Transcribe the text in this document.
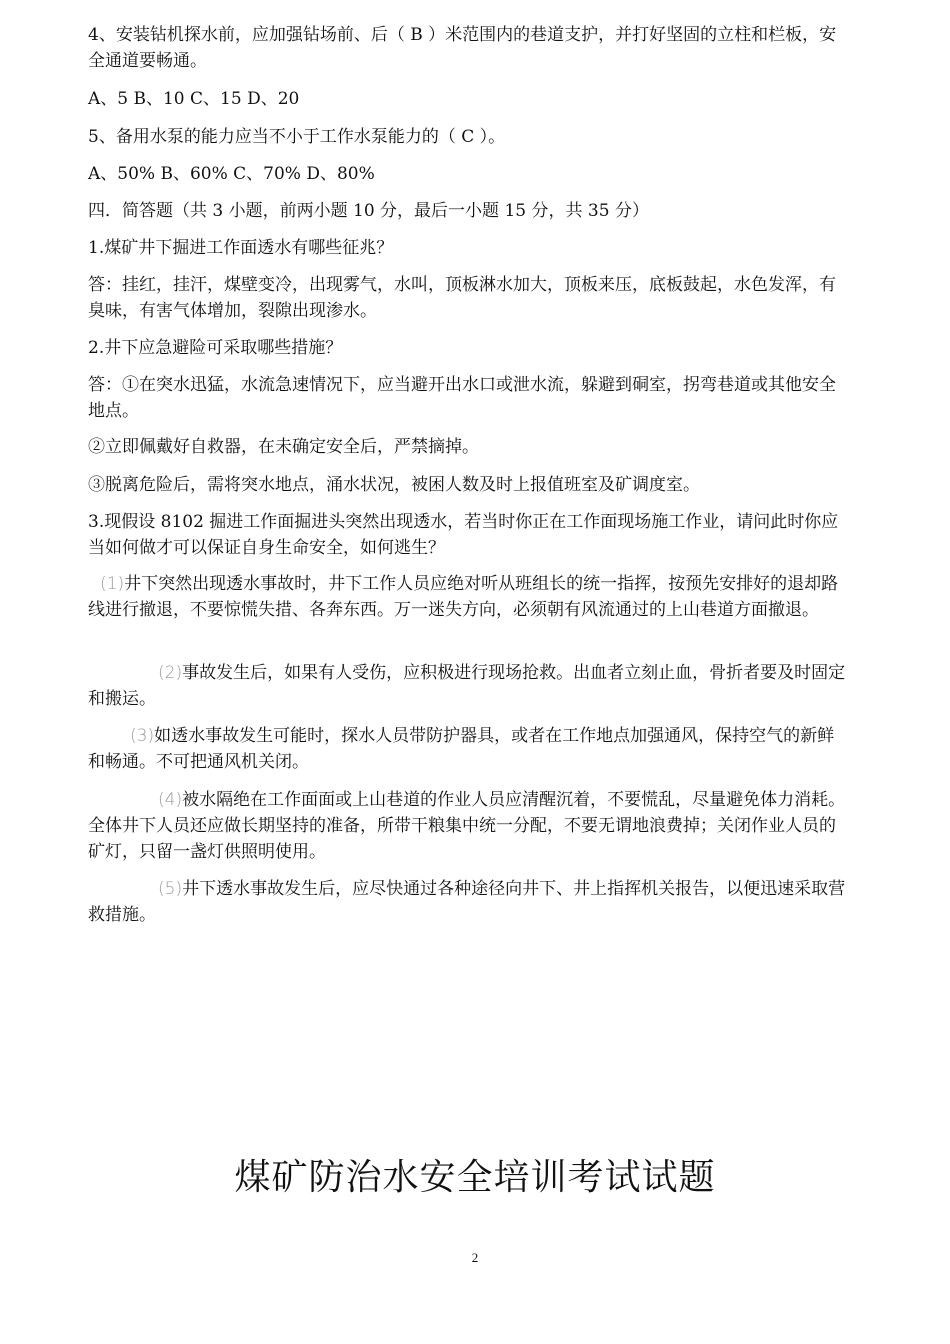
4、安装钻机探水前，应加强钻场前、后（ B ）米范围内的巷道支护，并打好坚固的立柱和栏板，安全通道要畅通。

A、5 B、10 C、15 D、20

5、备用水泵的能力应当不小于工作水泵能力的（ C ）。

A、50% B、60% C、70% D、80%

四．简答题（共 3 小题，前两小题 10 分，最后一小题 15 分，共 35 分）

1.煤矿井下掘进工作面透水有哪些征兆？

答：挂红，挂汗，煤壁变冷，出现雾气，水叫，顶板淋水加大，顶板来压，底板鼓起，水色发浑，有臭味，有害气体增加，裂隙出现渗水。

2.井下应急避险可采取哪些措施？

答：①在突水迅猛，水流急速情况下，应当避开出水口或泄水流，躲避到硐室，拐弯巷道或其他安全地点。

②立即佩戴好自救器，在未确定安全后，严禁摘掉。

③脱离危险后，需将突水地点，涌水状况，被困人数及时上报值班室及矿调度室。

3.现假设 8102 掘进工作面掘进头突然出现透水，若当时你正在工作面现场施工作业，请问此时你应当如何做才可以保证自身生命安全，如何逃生？

(1)井下突然出现透水事故时，井下工作人员应绝对听从班组长的统一指挥，按预先安排好的退却路线进行撤退，不要惊慌失措、各奔东西。万一迷失方向，必须朝有风流通过的上山巷道方面撤退。

(2)事故发生后，如果有人受伤，应积极进行现场抢救。出血者立刻止血，骨折者要及时固定和搬运。

(3)如透水事故发生可能时，探水人员带防护器具，或者在工作地点加强通风，保持空气的新鲜和畅通。不可把通风机关闭。

(4)被水隔绝在工作面面或上山巷道的作业人员应清醒沉着，不要慌乱，尽量避免体力消耗。全体井下人员还应做长期坚持的准备，所带干粮集中统一分配，不要无谓地浪费掉；关闭作业人员的矿灯，只留一盏灯供照明使用。

(5)井下透水事故发生后，应尽快通过各种途径向井下、井上指挥机关报告，以便迅速采取营救措施。

煤矿防治水安全培训考试试题
2
